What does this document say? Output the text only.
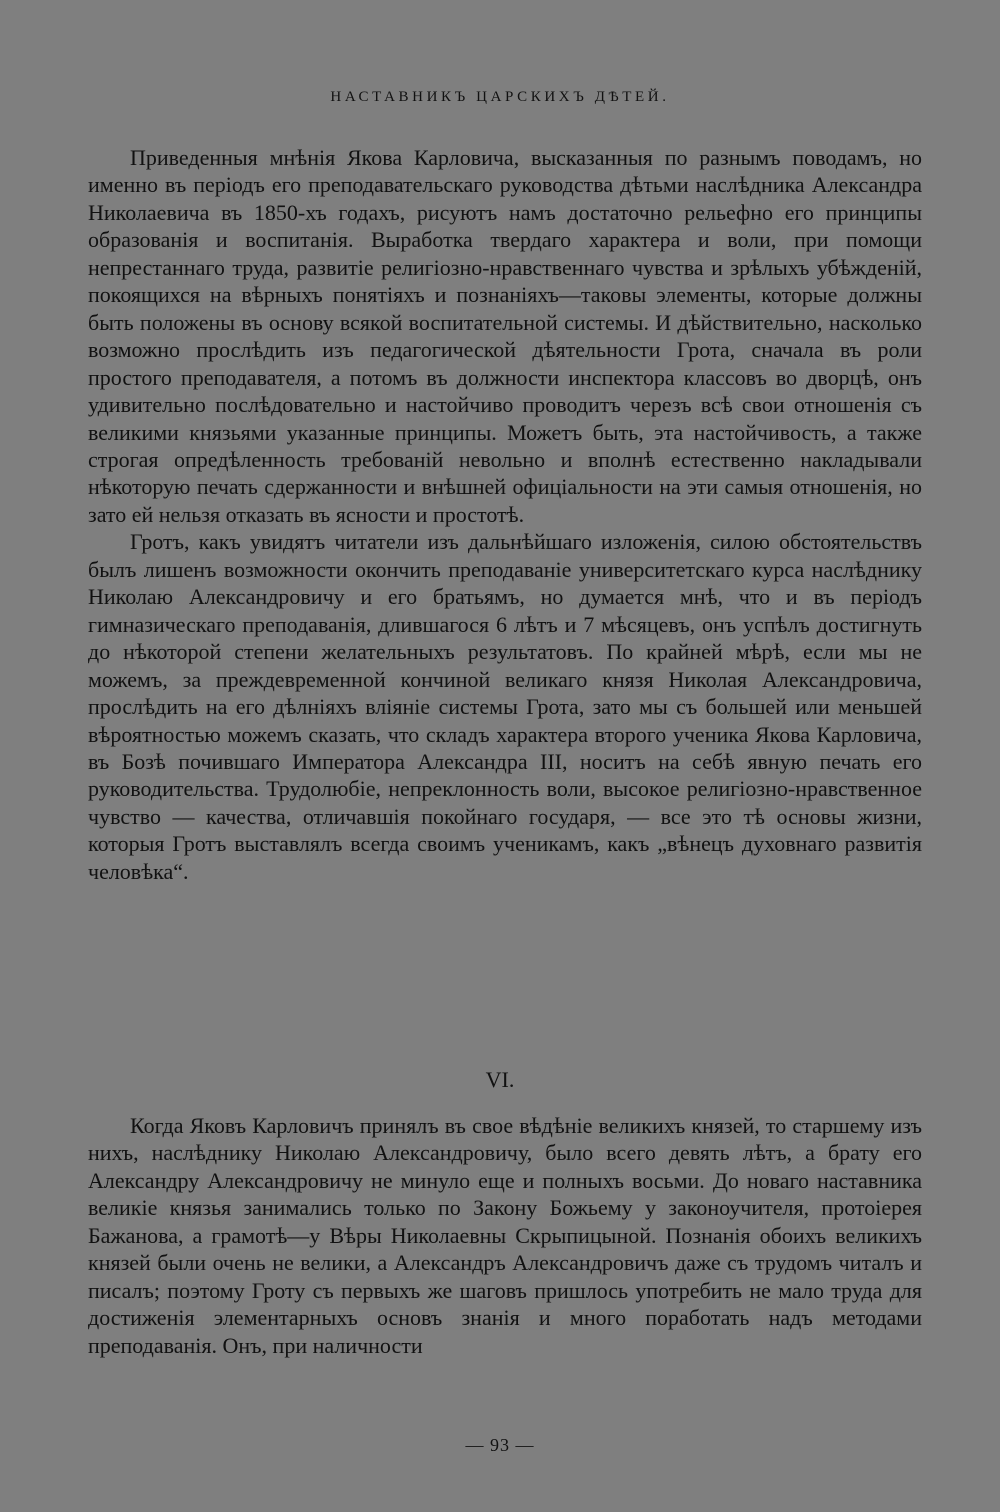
НАСТАВНИКЪ ЦАРСКИХЪ ДѢТЕЙ.

Приведенныя мнѣнія Якова Карловича, высказанныя по разнымъ поводамъ, но именно въ періодъ его преподавательскаго руководства дѣтьми наслѣдника Александра Николаевича въ 1850-хъ годахъ, рисуютъ намъ достаточно рельефно его принципы образованія и воспитанія. Выработка твердаго характера и воли, при помощи непрестаннаго труда, развитіе религіозно-нравственнаго чувства и зрѣлыхъ убѣжденій, покоящихся на вѣрныхъ понятіяхъ и познаніяхъ—таковы элементы, которые должны быть положены въ основу всякой воспитательной системы. И дѣйствительно, насколько возможно прослѣдить изъ педагогической дѣятельности Грота, сначала въ роли простого преподавателя, а потомъ въ должности инспектора классовъ во дворцѣ, онъ удивительно послѣдовательно и настойчиво проводитъ черезъ всѣ свои отношенія съ великими князьями указанные принципы. Можетъ быть, эта настойчивость, а также строгая опредѣленность требованій невольно и вполнѣ естественно накладывали нѣкоторую печать сдержанности и внѣшней офиціальности на эти самыя отношенія, но зато ей нельзя отказать въ ясности и простотѣ.

Гротъ, какъ увидятъ читатели изъ дальнѣйшаго изложенія, силою обстоятельствъ былъ лишенъ возможности окончить преподаваніе университетскаго курса наслѣднику Николаю Александровичу и его братьямъ, но думается мнѣ, что и въ періодъ гимназическаго преподаванія, длившагося 6 лѣтъ и 7 мѣсяцевъ, онъ успѣлъ достигнуть до нѣкоторой степени желательныхъ результатовъ. По крайней мѣрѣ, если мы не можемъ, за преждевременной кончиной великаго князя Николая Александровича, прослѣдить на его дѣлніяхъ вліяніе системы Грота, зато мы съ большей или меньшей вѣроятностью можемъ сказать, что складъ характера второго ученика Якова Карловича, въ Бозѣ почившаго Императора Александра III, носитъ на себѣ явную печать его руководительства. Трудолюбіе, непреклонность воли, высокое религіозно-нравственное чувство — качества, отличавшія покойнаго государя, — все это тѣ основы жизни, которыя Гротъ выставлялъ всегда своимъ ученикамъ, какъ „вѣнецъ духовнаго развитія человѣка“.

VI.

Когда Яковъ Карловичъ принялъ въ свое вѣдѣніе великихъ князей, то старшему изъ нихъ, наслѣднику Николаю Александровичу, было всего девять лѣтъ, а брату его Александру Александровичу не минуло еще и полныхъ восьми. До новаго наставника великіе князья занимались только по Закону Божьему у законоучителя, протоіерея Бажанова, а грамотѣ—у Вѣры Николаевны Скрыпицыной. Познанія обоихъ великихъ князей были очень не велики, а Александръ Александровичъ даже съ трудомъ читалъ и писалъ; поэтому Гроту съ первыхъ же шаговъ пришлось употребить не мало труда для достиженія элементарныхъ основъ знанія и много поработать надъ методами преподаванія. Онъ, при наличности

— 93 —
